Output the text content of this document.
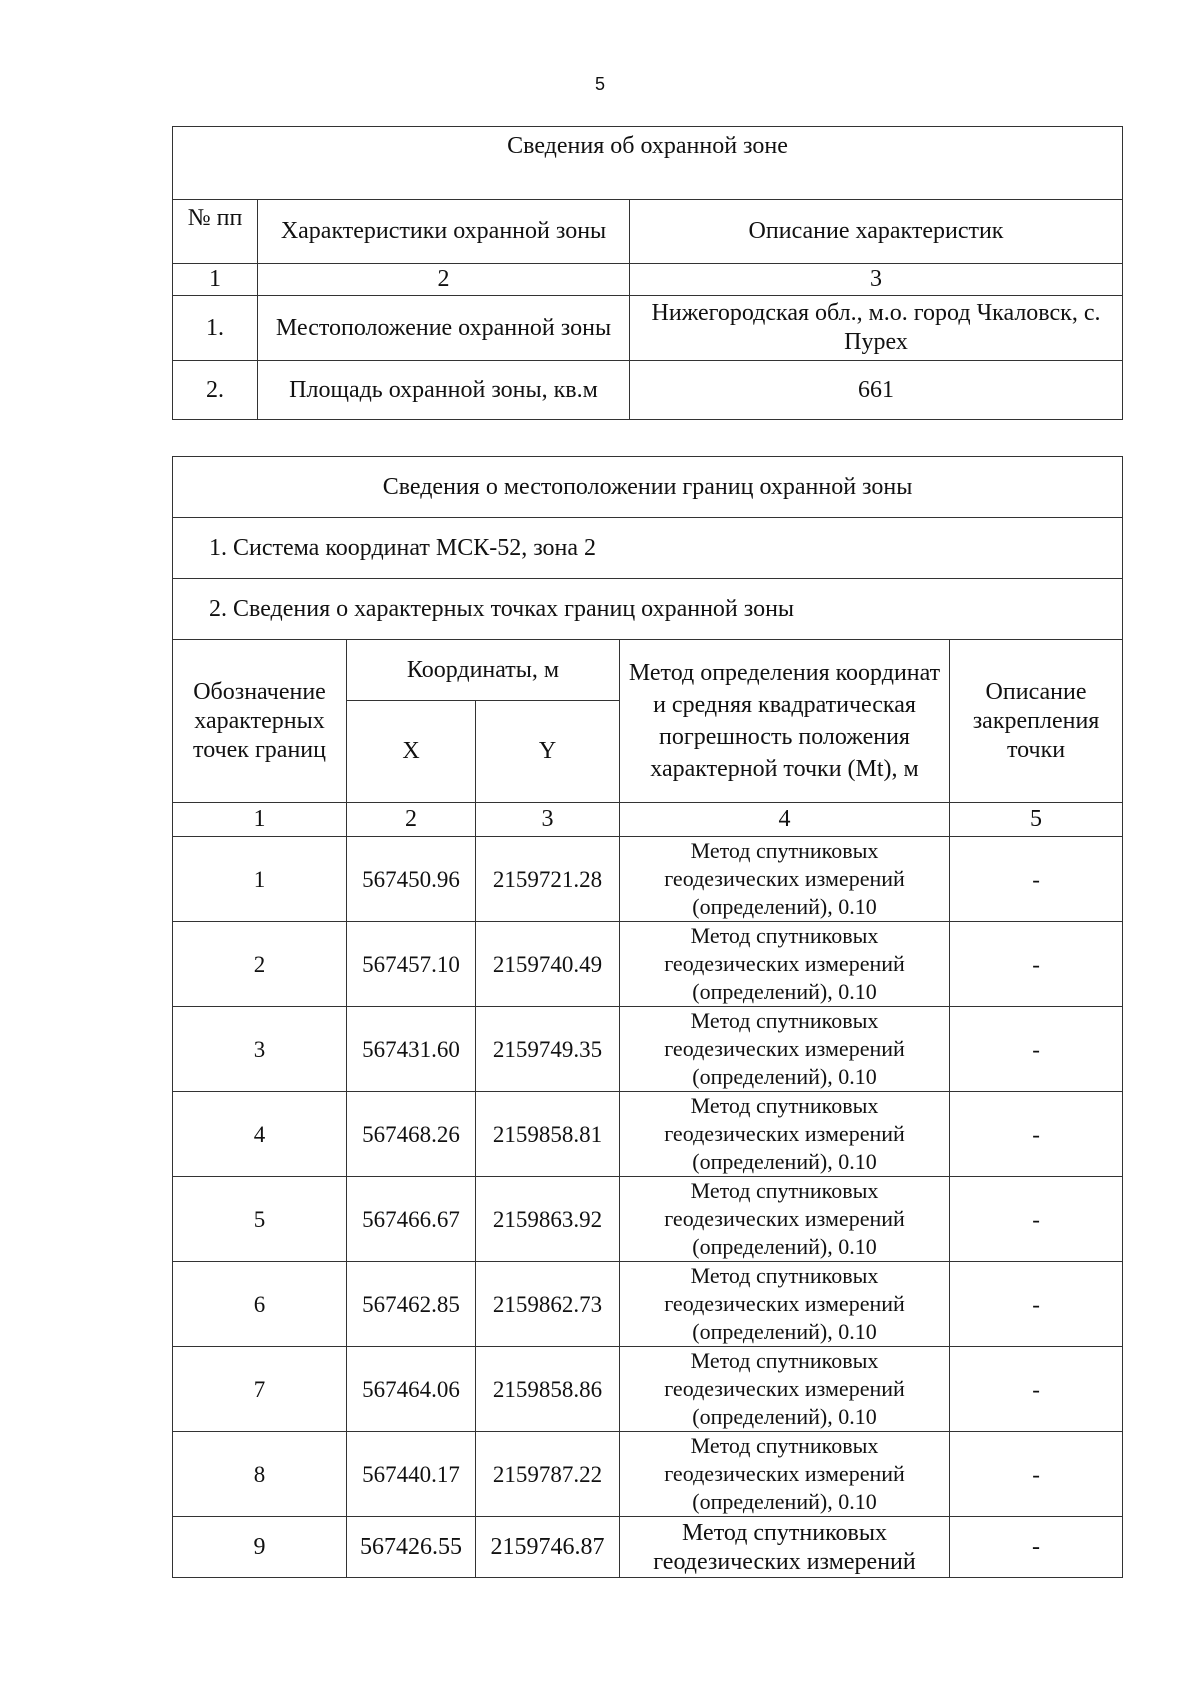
5
Сведения об охранной зоне		
№ пп	Характеристики охранной зоны	Описание характеристик
1	2	3
1.	Местоположение охранной зоны	Нижегородская обл., м.о. город Чкаловск, с. Пурех
2.	Площадь охранной зоны, кв.м	661
Сведения о местоположении границ охранной зоны				
1. Система координат МСК-52, зона 2				
2. Сведения о характерных точках границ охранной зоны				
Обозначение характерных точек границ	Координаты, м		Метод определения координат и средняя квадратическая погрешность положения характерной точки (Mt), м	Описание закрепления точки
	X	Y		
1	2	3	4	5
1	567450.96	2159721.28	Метод спутниковых геодезических измерений (определений), 0.10	-
2	567457.10	2159740.49	Метод спутниковых геодезических измерений (определений), 0.10	-
3	567431.60	2159749.35	Метод спутниковых геодезических измерений (определений), 0.10	-
4	567468.26	2159858.81	Метод спутниковых геодезических измерений (определений), 0.10	-
5	567466.67	2159863.92	Метод спутниковых геодезических измерений (определений), 0.10	-
6	567462.85	2159862.73	Метод спутниковых геодезических измерений (определений), 0.10	-
7	567464.06	2159858.86	Метод спутниковых геодезических измерений (определений), 0.10	-
8	567440.17	2159787.22	Метод спутниковых геодезических измерений (определений), 0.10	-
9	567426.55	2159746.87	Метод спутниковых геодезических измерений	-
